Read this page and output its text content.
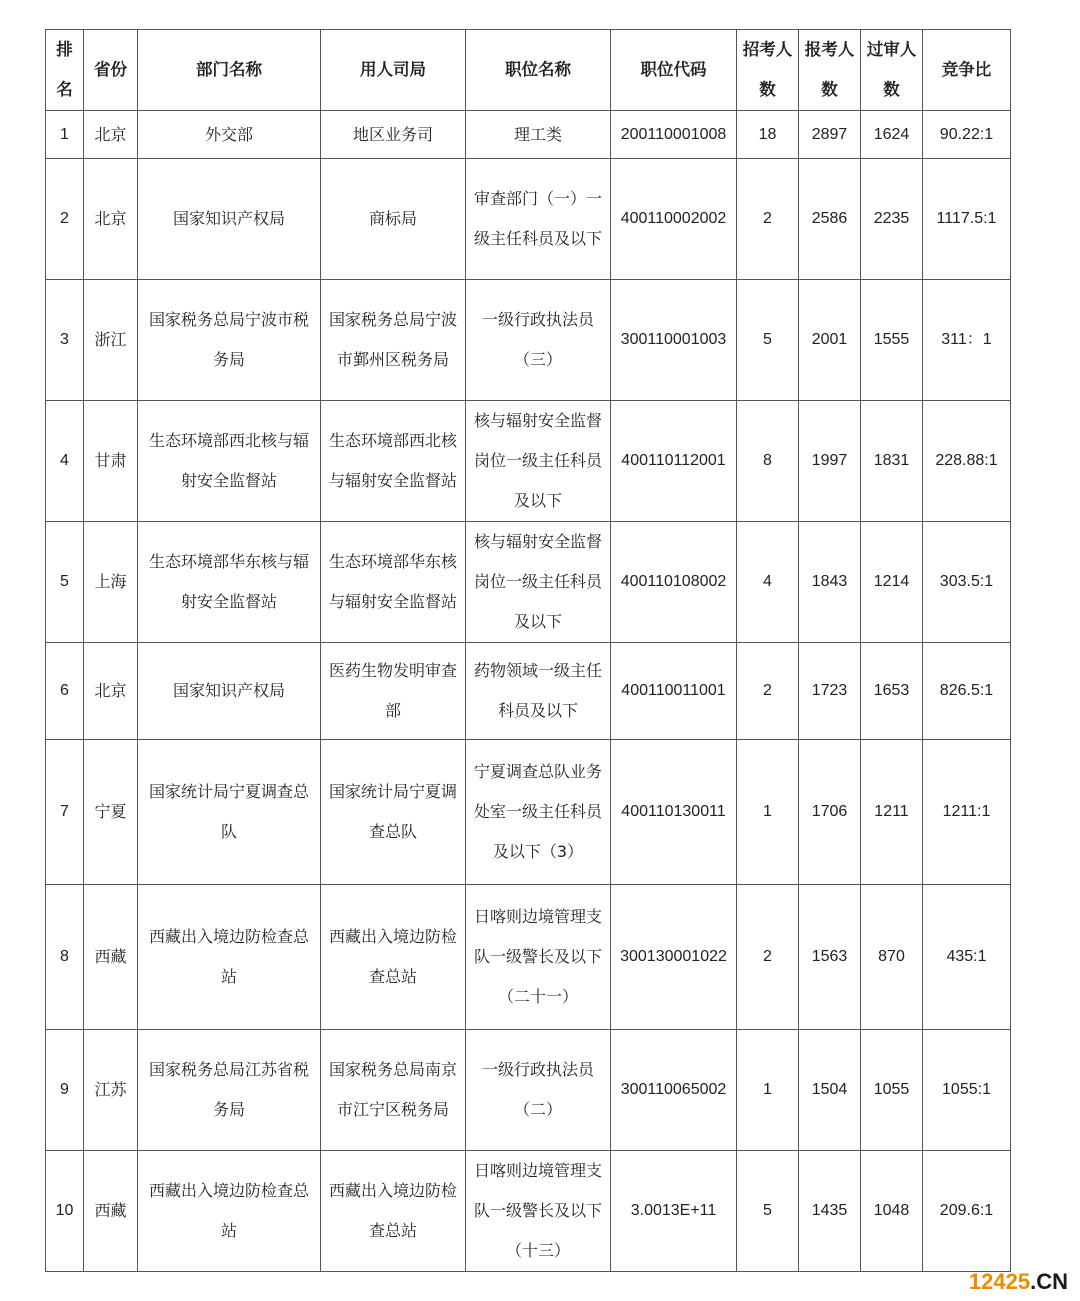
排名	省份	部门名称	用人司局	职位名称	职位代码	招考人数	报考人数	过审人数	竞争比
1	北京	外交部	地区业务司	理工类	200110001008	18	2897	1624	90.22:1
2	北京	国家知识产权局	商标局	审查部门（一）一级主任科员及以下	400110002002	2	2586	2235	1117.5:1
3	浙江	国家税务总局宁波市税务局	国家税务总局宁波市鄞州区税务局	一级行政执法员（三）	300110001003	5	2001	1555	311：1
4	甘肃	生态环境部西北核与辐射安全监督站	生态环境部西北核与辐射安全监督站	核与辐射安全监督岗位一级主任科员及以下	400110112001	8	1997	1831	228.88:1
5	上海	生态环境部华东核与辐射安全监督站	生态环境部华东核与辐射安全监督站	核与辐射安全监督岗位一级主任科员及以下	400110108002	4	1843	1214	303.5:1
6	北京	国家知识产权局	医药生物发明审查部	药物领域一级主任科员及以下	400110011001	2	1723	1653	826.5:1
7	宁夏	国家统计局宁夏调查总队	国家统计局宁夏调查总队	宁夏调查总队业务处室一级主任科员及以下（3）	400110130011	1	1706	1211	1211:1
8	西藏	西藏出入境边防检查总站	西藏出入境边防检查总站	日喀则边境管理支队一级警长及以下（二十一）	300130001022	2	1563	870	435:1
9	江苏	国家税务总局江苏省税务局	国家税务总局南京市江宁区税务局	一级行政执法员（二）	300110065002	1	1504	1055	1055:1
10	西藏	西藏出入境边防检查总站	西藏出入境边防检查总站	日喀则边境管理支队一级警长及以下（十三）	3.0013E+11	5	1435	1048	209.6:1
12425.CN
